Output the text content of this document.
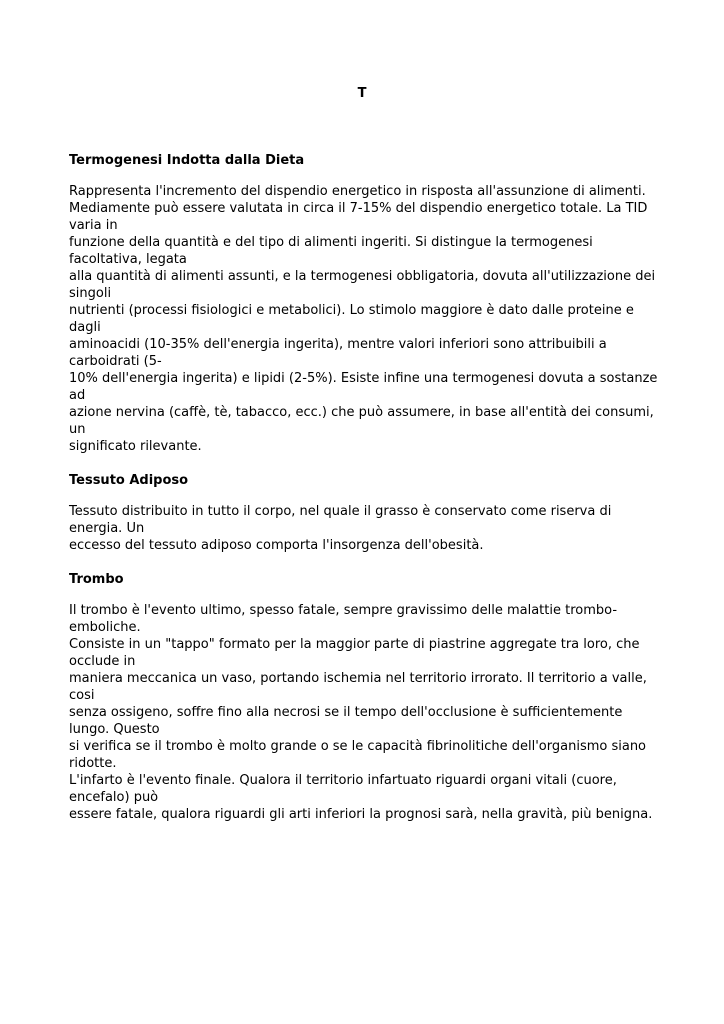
T

Termogenesi Indotta dalla Dieta

Rappresenta l'incremento del dispendio energetico in risposta all'assunzione di alimenti.
Mediamente può essere valutata in circa il 7-15% del dispendio energetico totale. La TID varia in
funzione della quantità e del tipo di alimenti ingeriti. Si distingue la termogenesi facoltativa, legata
alla quantità di alimenti assunti, e la termogenesi obbligatoria, dovuta all'utilizzazione dei singoli
nutrienti (processi fisiologici e metabolici). Lo stimolo maggiore è dato dalle proteine e dagli
aminoacidi (10-35% dell'energia ingerita), mentre valori inferiori sono attribuibili a carboidrati (5-
10% dell'energia ingerita) e lipidi (2-5%). Esiste infine una termogenesi dovuta a sostanze ad
azione nervina (caffè, tè, tabacco, ecc.) che può assumere, in base all'entità dei consumi, un
significato rilevante.

Tessuto Adiposo

Tessuto distribuito in tutto il corpo, nel quale il grasso è conservato come riserva di energia. Un
eccesso del tessuto adiposo comporta l'insorgenza dell'obesità.

Trombo

Il trombo è l'evento ultimo, spesso fatale, sempre gravissimo delle malattie trombo-emboliche.
Consiste in un "tappo" formato per la maggior parte di piastrine aggregate tra loro, che occlude in
maniera meccanica un vaso, portando ischemia nel territorio irrorato. Il territorio a valle, cosi
senza ossigeno, soffre fino alla necrosi se il tempo dell'occlusione è sufficientemente lungo. Questo
si verifica se il trombo è molto grande o se le capacità fibrinolitiche dell'organismo siano ridotte.
L'infarto è l'evento finale. Qualora il territorio infartuato riguardi organi vitali (cuore, encefalo) può
essere fatale, qualora riguardi gli arti inferiori la prognosi sarà, nella gravità, più benigna.
